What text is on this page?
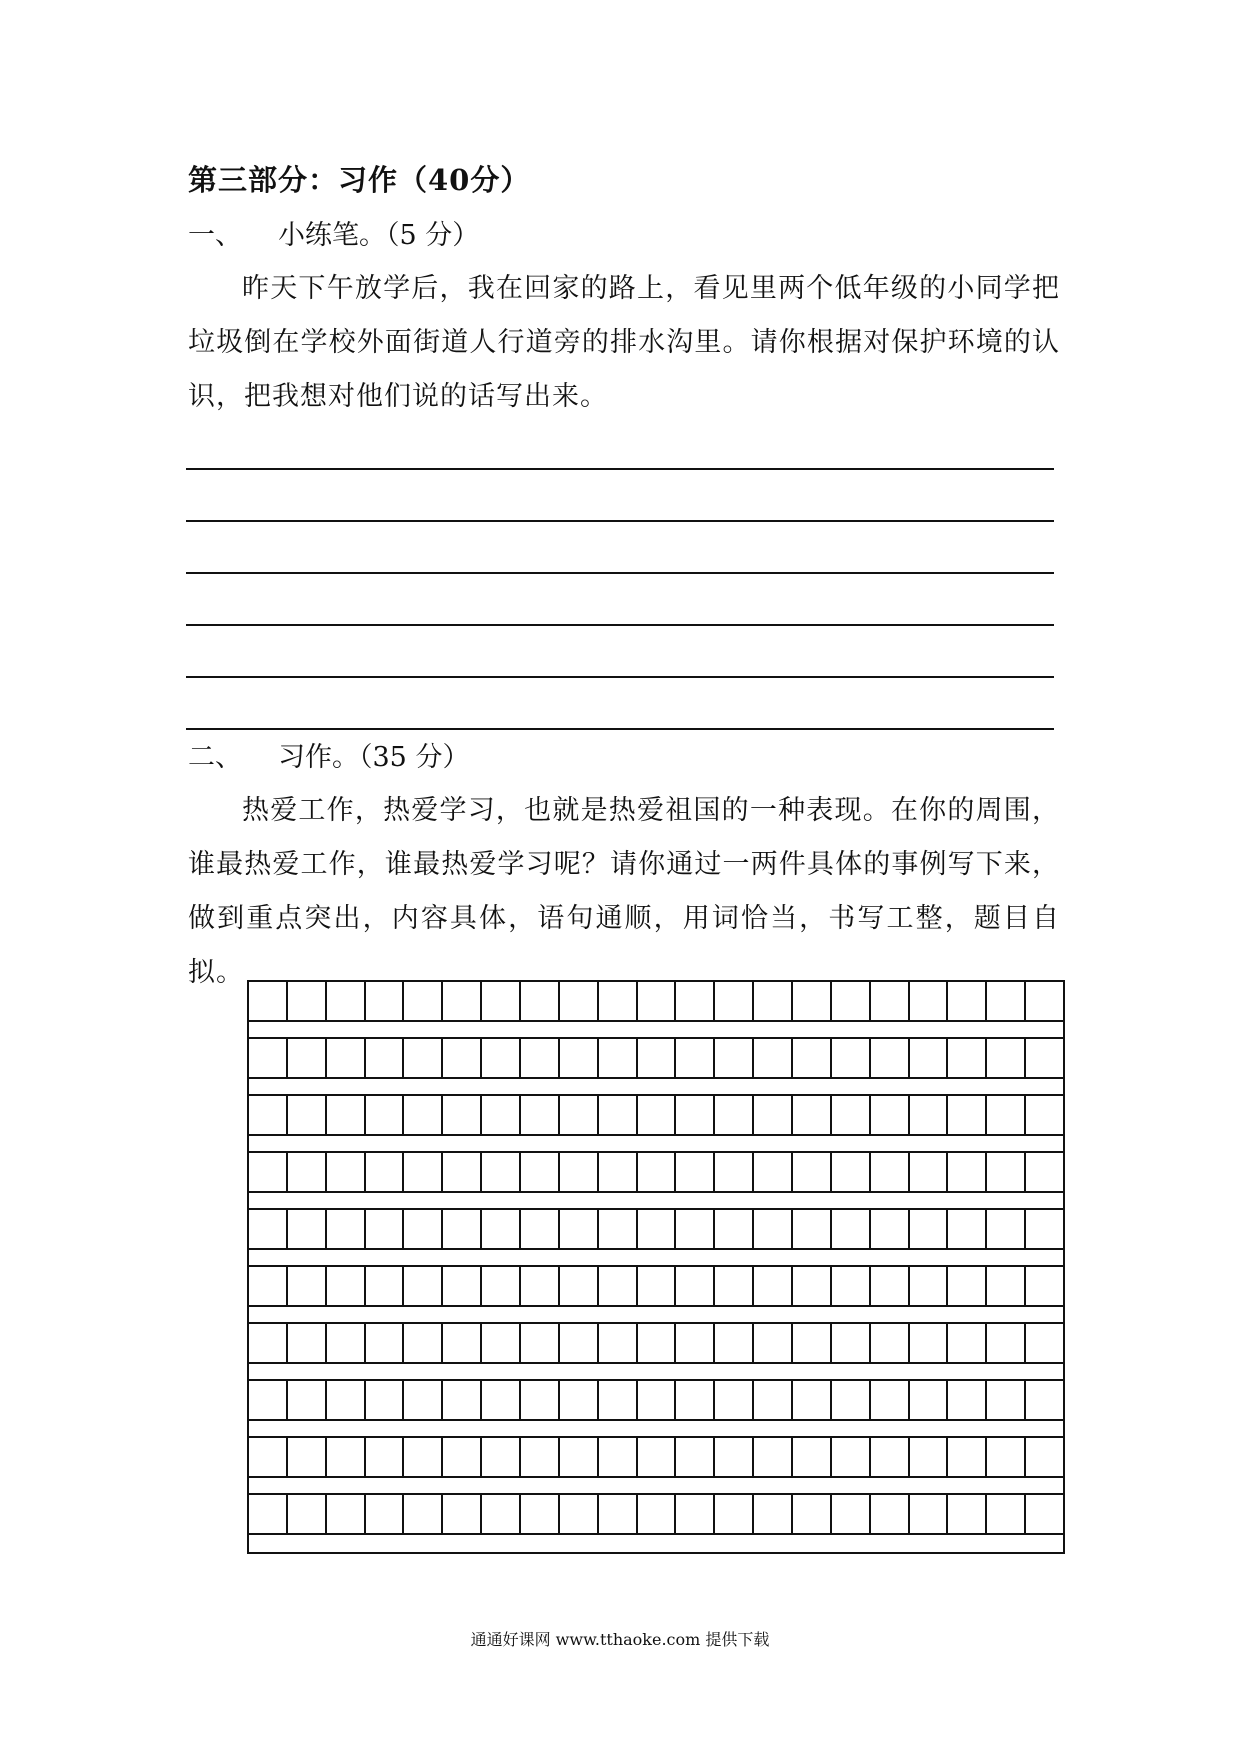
第三部分：习作（40分）
一、 小练笔。（5 分）
昨天下午放学后，我在回家的路上，看见里两个低年级的小同学把垃圾倒在学校外面街道人行道旁的排水沟里。请你根据对保护环境的认识，把我想对他们说的话写出来。
二、 习作。（35 分）
热爱工作，热爱学习，也就是热爱祖国的一种表现。在你的周围，谁最热爱工作，谁最热爱学习呢？请你通过一两件具体的事例写下来，做到重点突出，内容具体，语句通顺，用词恰当，书写工整，题目自拟。
通通好课网 www.tthaoke.com 提供下载
